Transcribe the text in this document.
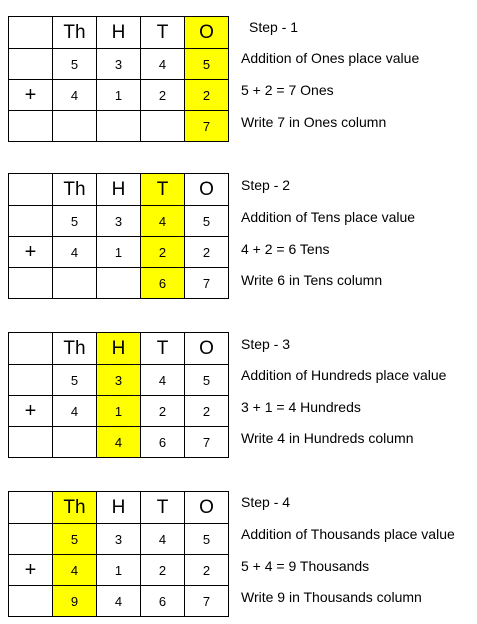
	Th	H	T	O
	5	3	4	5
+	4	1	2	2
				7
Step - 1
Addition of Ones place value
5 + 2 = 7 Ones
Write 7 in Ones column
	Th	H	T	O
	5	3	4	5
+	4	1	2	2
			6	7
Step - 2
Addition of Tens place value
4 + 2 = 6 Tens
Write 6 in Tens column
	Th	H	T	O
	5	3	4	5
+	4	1	2	2
		4	6	7
Step - 3
Addition of Hundreds place value
3 + 1 = 4 Hundreds
Write 4 in Hundreds column
	Th	H	T	O
	5	3	4	5
+	4	1	2	2
	9	4	6	7
Step - 4
Addition of Thousands place value
5 + 4 = 9 Thousands
Write 9 in Thousands column
